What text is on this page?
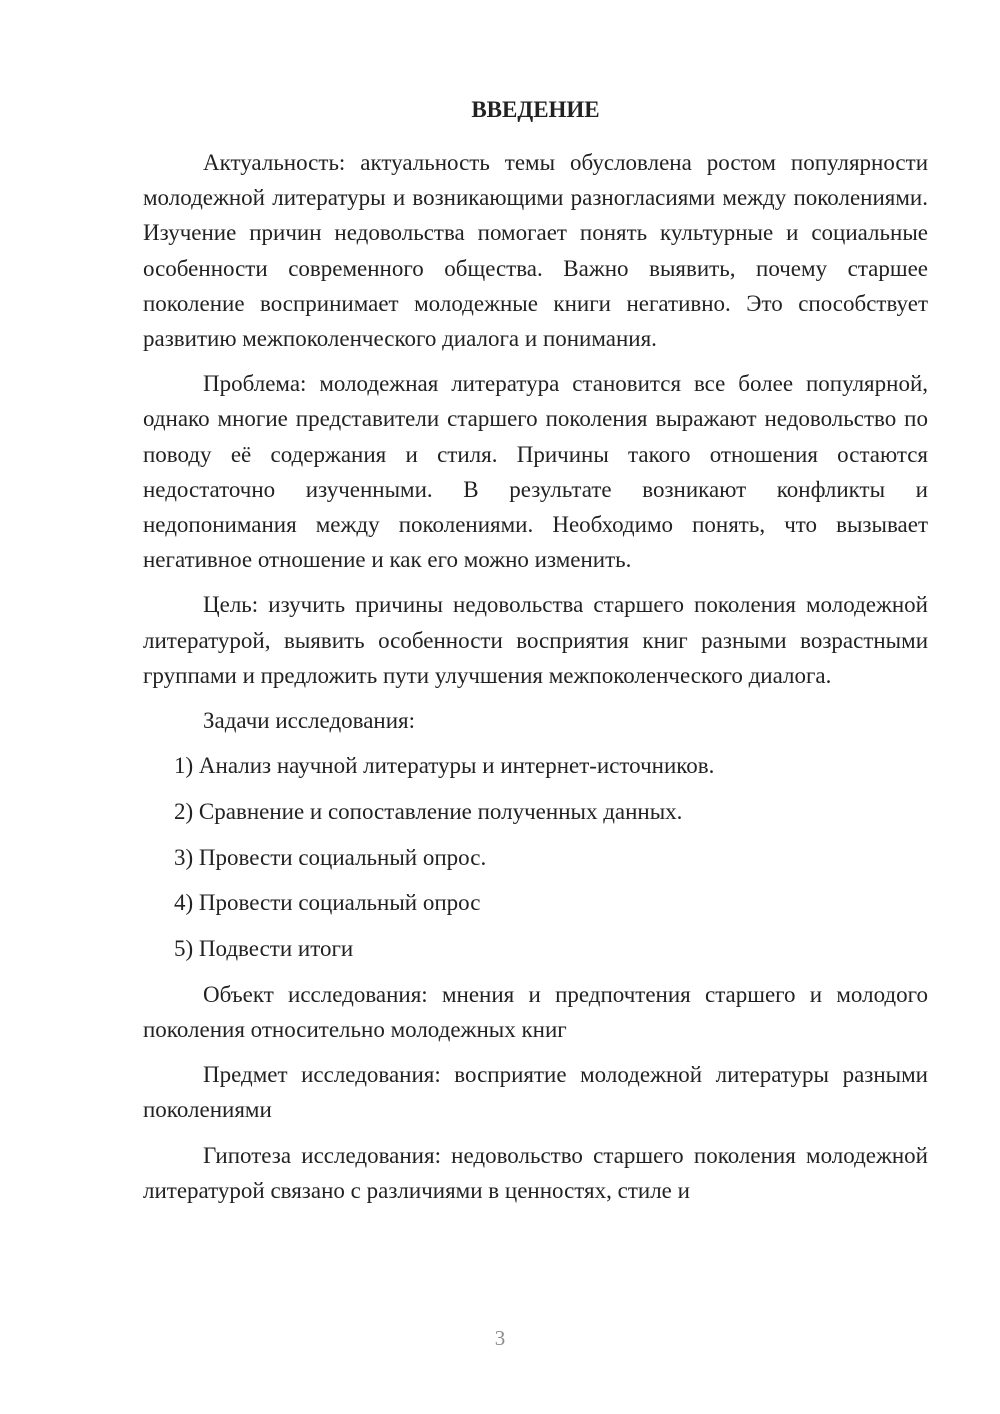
ВВЕДЕНИЕ

Актуальность: актуальность темы обусловлена ростом популярности молодежной литературы и возникающими разногласиями между поколениями. Изучение причин недовольства помогает понять культурные и социальные особенности современного общества. Важно выявить, почему старшее поколение воспринимает молодежные книги негативно. Это способствует развитию межпоколенческого диалога и понимания.

Проблема: молодежная литература становится все более популярной, однако многие представители старшего поколения выражают недовольство по поводу её содержания и стиля. Причины такого отношения остаются недостаточно изученными. В результате возникают конфликты и недопонимания между поколениями. Необходимо понять, что вызывает негативное отношение и как его можно изменить.

Цель: изучить причины недовольства старшего поколения молодежной литературой, выявить особенности восприятия книг разными возрастными группами и предложить пути улучшения межпоколенческого диалога.

Задачи исследования:

1) Анализ научной литературы и интернет-источников.
2) Сравнение и сопоставление полученных данных.
3) Провести социальный опрос.
4) Провести социальный опрос
5) Подвести итоги

Объект исследования: мнения и предпочтения старшего и молодого поколения относительно молодежных книг

Предмет исследования: восприятие молодежной литературы разными поколениями

Гипотеза исследования: недовольство старшего поколения молодежной литературой связано с различиями в ценностях, стиле и

3
